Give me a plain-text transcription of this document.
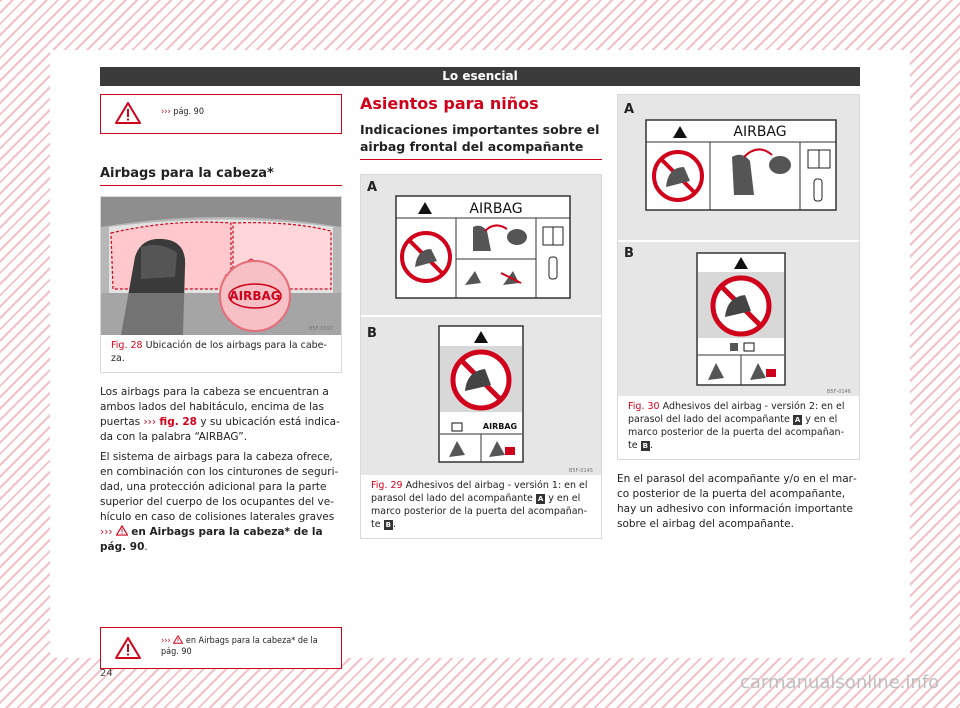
Lo esencial
››› pág. 90
Airbags para la cabeza*
AIRBAG
B5F-0597
Fig. 28 Ubicación de los airbags para la cabeza.

Los airbags para la cabeza se encuentran a ambos lados del habitáculo, encima de las puertas ››› fig. 28 y su ubicación está indicada con la palabra “AIRBAG”.

El sistema de airbags para la cabeza ofrece, en combinación con los cinturones de seguridad, una protección adicional para la parte superior del cuerpo de los ocupantes del vehículo en caso de colisiones laterales graves ››› en Airbags para la cabeza* de la pág. 90.

››› en Airbags para la cabeza* de la pág. 90
Asientos para niños
Indicaciones importantes sobre el airbag frontal del acompañante
A
B
AIRBAG
AIRBAG
B5F-0145
Fig. 29 Adhesivos del airbag - versión 1: en el parasol del lado del acompañante A y en el marco posterior de la puerta del acompañante B .
A
B
AIRBAG
B5F-0146
Fig. 30 Adhesivos del airbag - versión 2: en el parasol del lado del acompañante A y en el marco posterior de la puerta del acompañante B .

En el parasol del acompañante y/o en el marco posterior de la puerta del acompañante, hay un adhesivo con información importante sobre el airbag del acompañante.

24	carmanualsonline.info
